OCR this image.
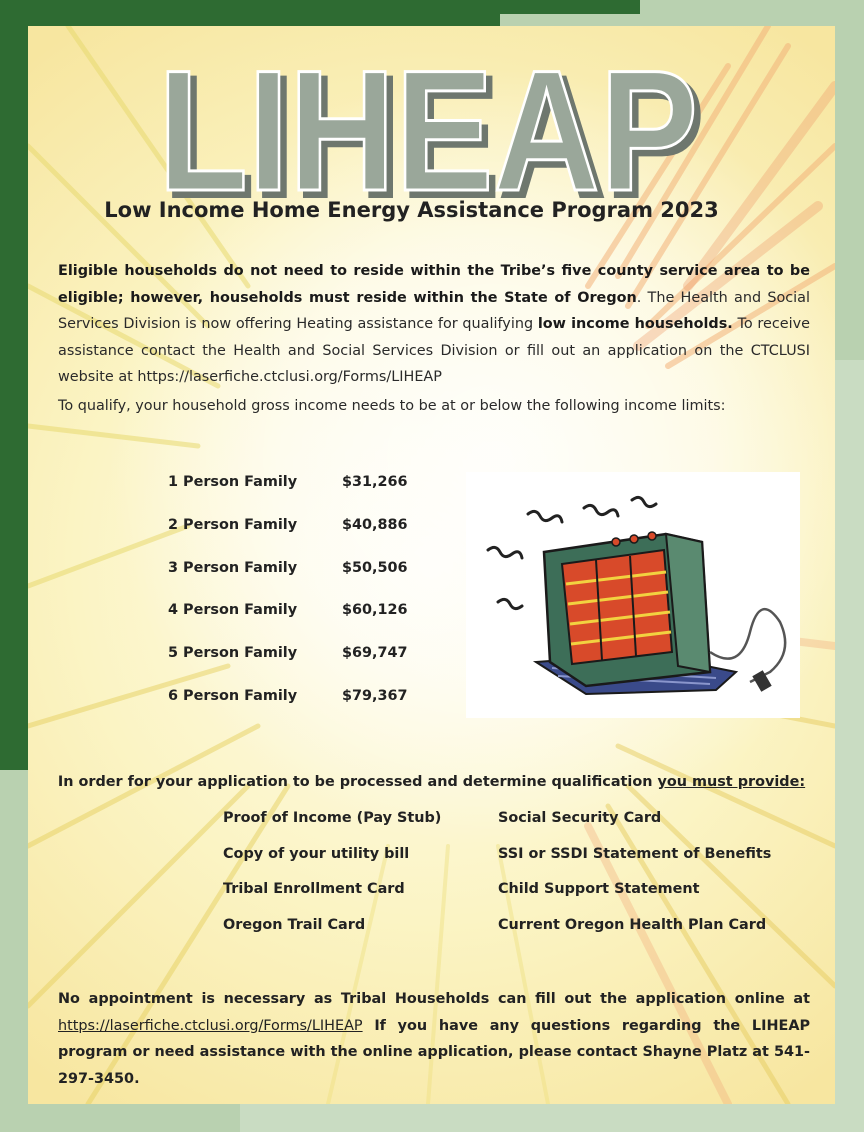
LIHEAP
LIHEAP
Low Income Home Energy Assistance Program 2023
Eligible households do not need to reside within the Tribe’s five county service area to be eligible; however, households must reside within the State of Oregon. The Health and Social Services Division is now offering Heating assistance for qualifying low income households. To receive assistance contact the Health and Social Services Division or fill out an application on the CTCLUSI website at https://laserfiche.ctclusi.org/Forms/LIHEAP
To qualify, your household gross income needs to be at or below the following income limits:
1 Person Family	$31,266
2 Person Family	$40,886
3 Person Family	$50,506
4 Person Family	$60,126
5 Person Family	$69,747
6 Person Family	$79,367
In order for your application to be processed and determine qualification you must provide:
Proof of Income (Pay Stub)
Copy of your utility bill
Tribal Enrollment Card
Oregon Trail Card
Social Security Card
SSI or SSDI Statement of Benefits
Child Support Statement
Current Oregon Health Plan Card
No appointment is necessary as Tribal Households can fill out the application online at https://laserfiche.ctclusi.org/Forms/LIHEAP If you have any questions regarding the LIHEAP program or need assistance with the online application, please contact Shayne Platz at 541-297-3450.
